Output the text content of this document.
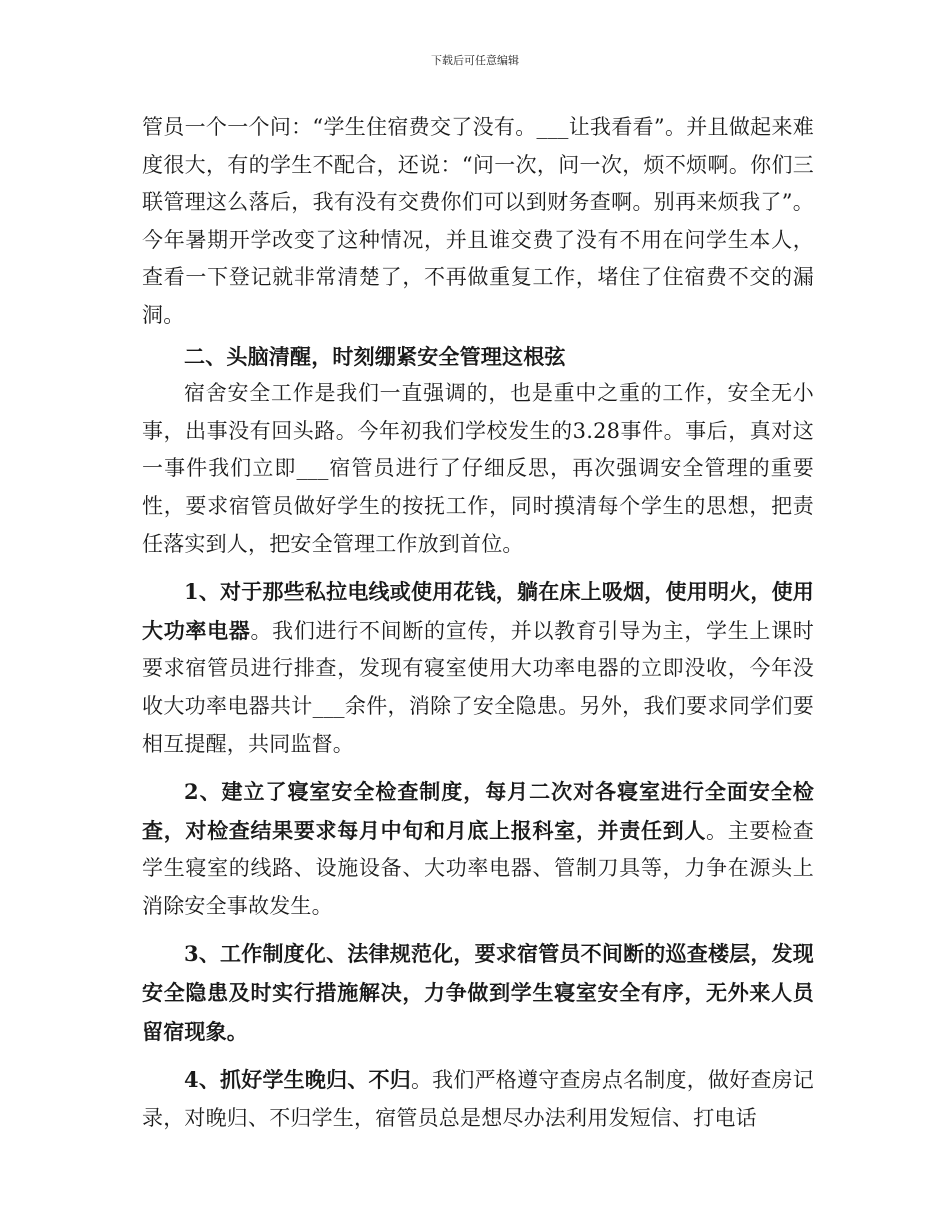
下载后可任意编辑

管员一个一个问：“学生住宿费交了没有。___让我看看”。并且做起来难度很大，有的学生不配合，还说：“问一次，问一次，烦不烦啊。你们三联管理这么落后，我有没有交费你们可以到财务查啊。别再来烦我了”。今年暑期开学改变了这种情况，并且谁交费了没有不用在问学生本人，查看一下登记就非常清楚了，不再做重复工作，堵住了住宿费不交的漏洞。

二、头脑清醒，时刻绷紧安全管理这根弦

宿舍安全工作是我们一直强调的，也是重中之重的工作，安全无小事，出事没有回头路。今年初我们学校发生的3.28事件。事后，真对这一事件我们立即___宿管员进行了仔细反思，再次强调安全管理的重要性，要求宿管员做好学生的按抚工作，同时摸清每个学生的思想，把责任落实到人，把安全管理工作放到首位。

1、对于那些私拉电线或使用花钱，躺在床上吸烟，使用明火，使用大功率电器。我们进行不间断的宣传，并以教育引导为主，学生上课时要求宿管员进行排查，发现有寝室使用大功率电器的立即没收，今年没收大功率电器共计___余件，消除了安全隐患。另外，我们要求同学们要相互提醒，共同监督。

2、建立了寝室安全检查制度，每月二次对各寝室进行全面安全检查，对检查结果要求每月中旬和月底上报科室，并责任到人。主要检查学生寝室的线路、设施设备、大功率电器、管制刀具等，力争在源头上消除安全事故发生。

3、工作制度化、法律规范化，要求宿管员不间断的巡查楼层，发现安全隐患及时实行措施解决，力争做到学生寝室安全有序，无外来人员留宿现象。

4、抓好学生晚归、不归。我们严格遵守查房点名制度，做好查房记录，对晚归、不归学生，宿管员总是想尽办法利用发短信、打电话
